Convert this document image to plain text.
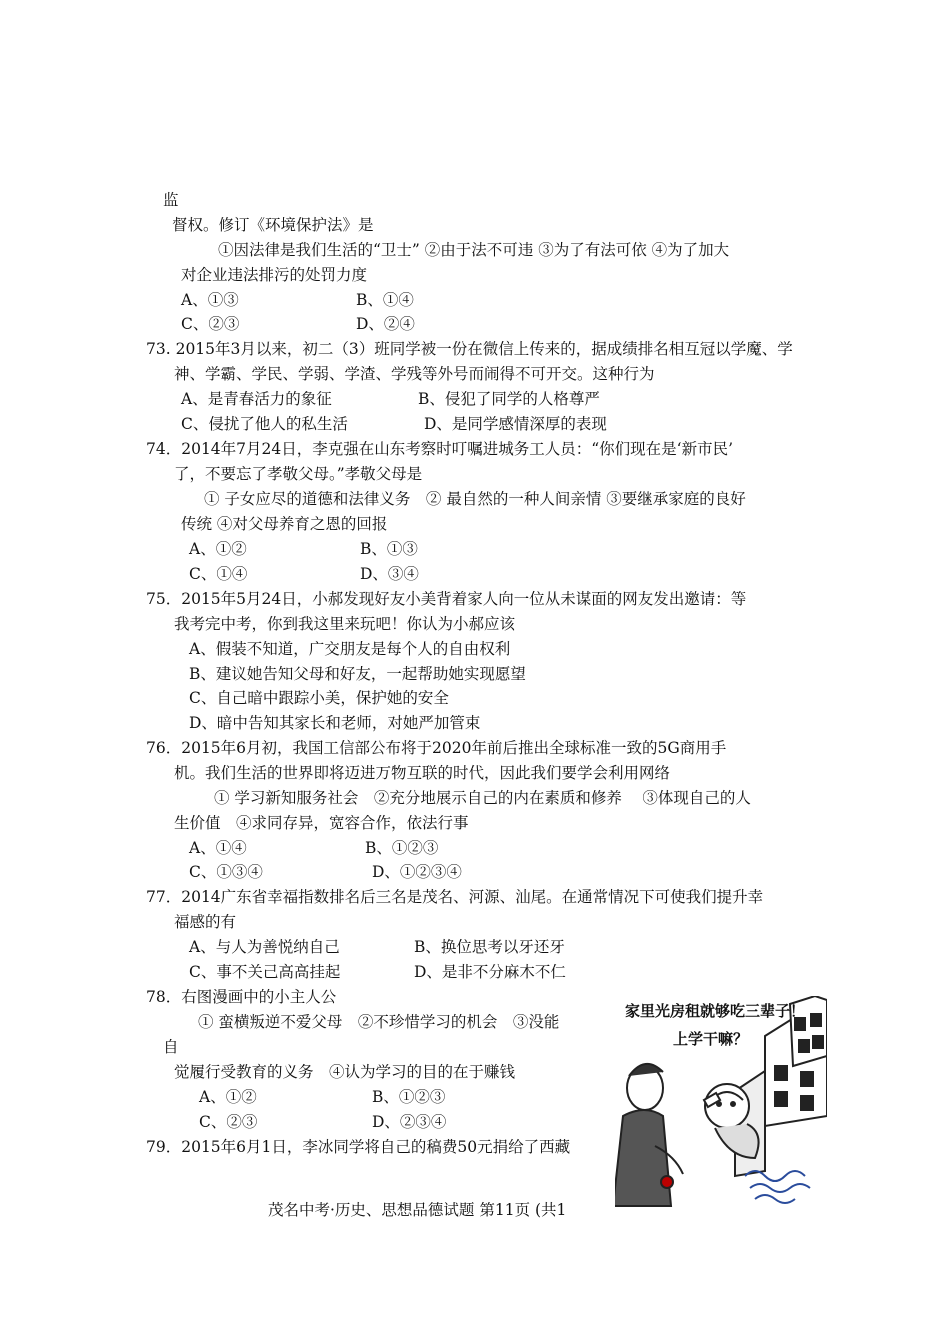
监
督权。修订《环境保护法》是
①因法律是我们生活的“卫士” ②由于法不可违 ③为了有法可依 ④为了加大
对企业违法排污的处罚力度
A、①③	B、①④
C、②③	D、②④
73. 2015年3月以来，初二（3）班同学被一份在微信上传来的，据成绩排名相互冠以学魔、学
神、学霸、学民、学弱、学渣、学残等外号而闹得不可开交。这种行为
A、是青春活力的象征	B、侵犯了同学的人格尊严
C、侵扰了他人的私生活	D、是同学感情深厚的表现
74．2014年7月24日，李克强在山东考察时叮嘱进城务工人员：“你们现在是‘新市民’
了，不要忘了孝敬父母。”孝敬父母是
① 子女应尽的道德和法律义务　② 最自然的一种人间亲情 ③要继承家庭的良好
传统 ④对父母养育之恩的回报
A、①②	B、①③
C、①④	D、③④
75．2015年5月24日，小郝发现好友小美背着家人向一位从未谋面的网友发出邀请：等
我考完中考，你到我这里来玩吧！你认为小郝应该
A、假装不知道，广交朋友是每个人的自由权利
B、建议她告知父母和好友，一起帮助她实现愿望
C、自己暗中跟踪小美，保护她的安全
D、暗中告知其家长和老师，对她严加管束
76．2015年6月初，我国工信部公布将于2020年前后推出全球标准一致的5G商用手
机。我们生活的世界即将迈进万物互联的时代，因此我们要学会利用网络
① 学习新知服务社会　②充分地展示自己的内在素质和修养　 ③体现自己的人
生价值　④求同存异，宽容合作，依法行事
A、①④	B、①②③
C、①③④	D、①②③④
77．2014广东省幸福指数排名后三名是茂名、河源、汕尾。在通常情况下可使我们提升幸
福感的有
A、与人为善悦纳自己	B、换位思考以牙还牙
C、事不关己高高挂起	D、是非不分麻木不仁
78．右图漫画中的小主人公
① 蛮横叛逆不爱父母　②不珍惜学习的机会　③没能
自
觉履行受教育的义务　④认为学习的目的在于赚钱
A、①②	B、①②③
C、②③	D、②③④
79．2015年6月1日，李冰同学将自己的稿费50元捐给了西藏
家里光房租就够吃三辈子！
上学干嘛？
茂名中考·历史、思想品德试题 第11页 (共1
